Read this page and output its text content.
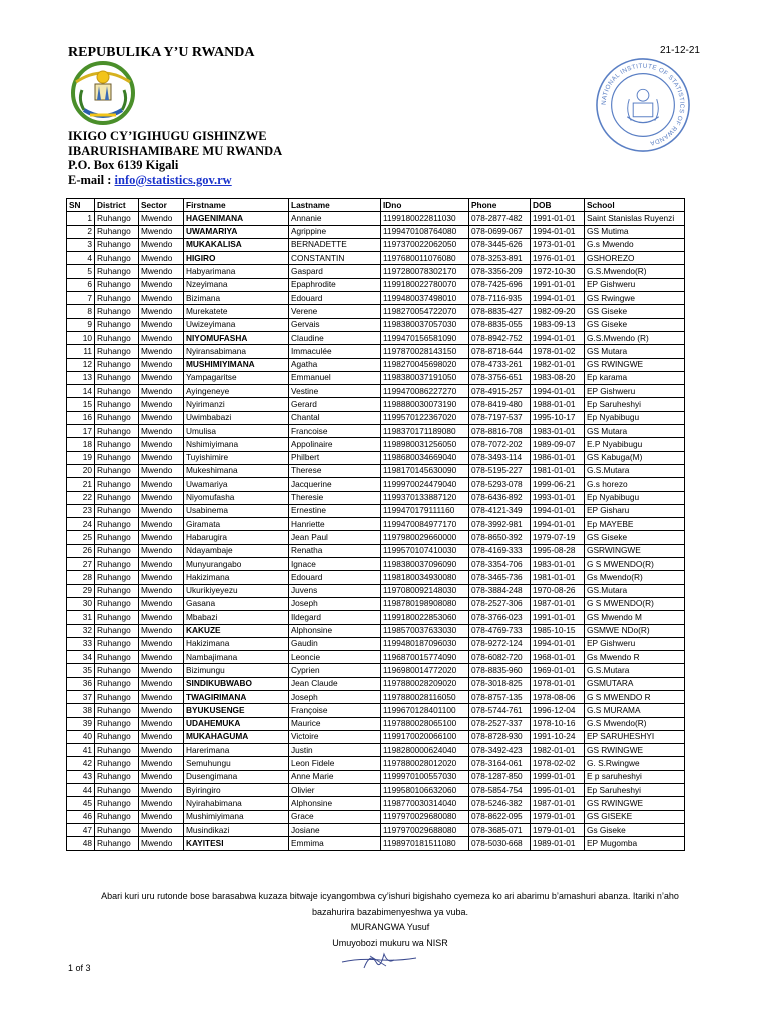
REPUBULIKA Y’U RWANDA	21-12-21
IKIGO CY’IGIHUGU GISHINZWE
IBARURISHAMIBARE MU RWANDA
P.O. Box 6139 Kigali
E-mail : info@statistics.gov.rw
NATIONAL INSTITUTE OF STATISTICS OF RWANDA
SN	District	Sector	Firstname	Lastname	IDno	Phone	DOB	School
1	Ruhango	Mwendo	HAGENIMANA	Annanie	1199180022811030	078-2877-482	1991-01-01	Saint Stanislas Ruyenzi
2	Ruhango	Mwendo	UWAMARIYA	Agrippine	1199470108764080	078-0699-067	1994-01-01	GS Mutima
3	Ruhango	Mwendo	MUKAKALISA	BERNADETTE	1197370022062050	078-3445-626	1973-01-01	G.s Mwendo
4	Ruhango	Mwendo	HIGIRO	CONSTANTIN	1197680011076080	078-3253-891	1976-01-01	GSHOREZO
5	Ruhango	Mwendo	Habyarimana	Gaspard	1197280078302170	078-3356-209	1972-10-30	G.S.Mwendo(R)
6	Ruhango	Mwendo	Nzeyimana	Epaphrodite	1199180022780070	078-7425-696	1991-01-01	EP Gishweru
7	Ruhango	Mwendo	Bizimana	Edouard	1199480037498010	078-7116-935	1994-01-01	GS Rwingwe
8	Ruhango	Mwendo	Murekatete	Verene	1198270054722070	078-8835-427	1982-09-20	GS Giseke
9	Ruhango	Mwendo	Uwizeyimana	Gervais	1198380037057030	078-8835-055	1983-09-13	GS Giseke
10	Ruhango	Mwendo	NIYOMUFASHA	Claudine	1199470156581090	078-8942-752	1994-01-01	G.S.Mwendo (R)
11	Ruhango	Mwendo	Nyiransabimana	Immaculée	1197870028143150	078-8718-644	1978-01-02	GS Mutara
12	Ruhango	Mwendo	MUSHIMIYIMANA	Agatha	1198270045698020	078-4733-261	1982-01-01	GS RWINGWE
13	Ruhango	Mwendo	Yampagaritse	Emmanuel	1198380037191050	078-3756-651	1983-08-20	Ep karama
14	Ruhango	Mwendo	Ayingeneye	Vestine	1199470086227270	078-4915-257	1994-01-01	EP Gishweru
15	Ruhango	Mwendo	Nyirimanzi	Gerard	1198880030073190	078-8419-480	1988-01-01	Ep Saruheshyi
16	Ruhango	Mwendo	Uwimbabazi	Chantal	1199570122367020	078-7197-537	1995-10-17	Ep Nyabibugu
17	Ruhango	Mwendo	Umulisa	Francoise	1198370171189080	078-8816-708	1983-01-01	GS Mutara
18	Ruhango	Mwendo	Nshimiyimana	Appolinaire	1198980031256050	078-7072-202	1989-09-07	E.P Nyabibugu
19	Ruhango	Mwendo	Tuyishimire	Philbert	1198680034669040	078-3493-114	1986-01-01	GS Kabuga(M)
20	Ruhango	Mwendo	Mukeshimana	Therese	1198170145630090	078-5195-227	1981-01-01	G.S.Mutara
21	Ruhango	Mwendo	Uwamariya	Jacquerine	1199970024479040	078-5293-078	1999-06-21	G.s horezo
22	Ruhango	Mwendo	Niyomufasha	Theresie	1199370133887120	078-6436-892	1993-01-01	Ep Nyabibugu
23	Ruhango	Mwendo	Usabinema	Ernestine	1199470179111160	078-4121-349	1994-01-01	EP Gisharu
24	Ruhango	Mwendo	Giramata	Hanriette	1199470084977170	078-3992-981	1994-01-01	Ep MAYEBE
25	Ruhango	Mwendo	Habarugira	Jean Paul	1197980029660000	078-8650-392	1979-07-19	GS Giseke
26	Ruhango	Mwendo	Ndayambaje	Renatha	1199570107410030	078-4169-333	1995-08-28	GSRWINGWE
27	Ruhango	Mwendo	Munyurangabo	Ignace	1198380037096090	078-3354-706	1983-01-01	G S MWENDO(R)
28	Ruhango	Mwendo	Hakizimana	Edouard	1198180034930080	078-3465-736	1981-01-01	Gs Mwendo(R)
29	Ruhango	Mwendo	Ukurikiyeyezu	Juvens	1197080092148030	078-3884-248	1970-08-26	GS.Mutara
30	Ruhango	Mwendo	Gasana	Joseph	1198780198908080	078-2527-306	1987-01-01	G S MWENDO(R)
31	Ruhango	Mwendo	Mbabazi	Ildegard	1199180022853060	078-3766-023	1991-01-01	GS Mwendo M
32	Ruhango	Mwendo	KAKUZE	Alphonsine	1198570037633030	078-4769-733	1985-10-15	GSMWE NDo(R)
33	Ruhango	Mwendo	Hakizimana	Gaudin	1199480187096030	078-9272-124	1994-01-01	EP Gishweru
34	Ruhango	Mwendo	Nambajimana	Leoncie	1196870015774090	078-6082-720	1968-01-01	Gs Mwendo R
35	Ruhango	Mwendo	Bizimungu	Cyprien	1196980014772020	078-8835-960	1969-01-01	G.S.Mutara
36	Ruhango	Mwendo	SINDIKUBWABO	Jean Claude	1197880028209020	078-3018-825	1978-01-01	GSMUTARA
37	Ruhango	Mwendo	TWAGIRIMANA	Joseph	1197880028116050	078-8757-135	1978-08-06	G S MWENDO R
38	Ruhango	Mwendo	BYUKUSENGE	Françoise	1199670128401100	078-5744-761	1996-12-04	G.S MURAMA
39	Ruhango	Mwendo	UDAHEMUKA	Maurice	1197880028065100	078-2527-337	1978-10-16	G.S Mwendo(R)
40	Ruhango	Mwendo	MUKAHAGUMA	Victoire	1199170020066100	078-8728-930	1991-10-24	EP SARUHESHYI
41	Ruhango	Mwendo	Harerimana	Justin	1198280000624040	078-3492-423	1982-01-01	GS RWINGWE
42	Ruhango	Mwendo	Semuhungu	Leon Fidele	1197880028012020	078-3164-061	1978-02-02	G. S.Rwingwe
43	Ruhango	Mwendo	Dusengimana	Anne Marie	1199970100557030	078-1287-850	1999-01-01	E p saruheshyi
44	Ruhango	Mwendo	Byiringiro	Olivier	1199580106632060	078-5854-754	1995-01-01	Ep Saruheshyi
45	Ruhango	Mwendo	Nyirahabimana	Alphonsine	1198770030314040	078-5246-382	1987-01-01	GS RWINGWE
46	Ruhango	Mwendo	Mushimiyimana	Grace	1197970029680080	078-8622-095	1979-01-01	GS GISEKE
47	Ruhango	Mwendo	Musindikazi	Josiane	1197970029688080	078-3685-071	1979-01-01	Gs Giseke
48	Ruhango	Mwendo	KAYITESI	Emmima	1198970181511080	078-5030-668	1989-01-01	EP Mugomba
Abari kuri uru rutonde bose barasabwa kuzaza bitwaje icyangombwa cy’ishuri bigishaho cyemeza ko ari abarimu b’amashuri abanza. Itariki n’aho
bazahurira bazabimenyeshwa ya vuba.
MURANGWA Yusuf
Umuyobozi mukuru wa NISR
1 of 3
